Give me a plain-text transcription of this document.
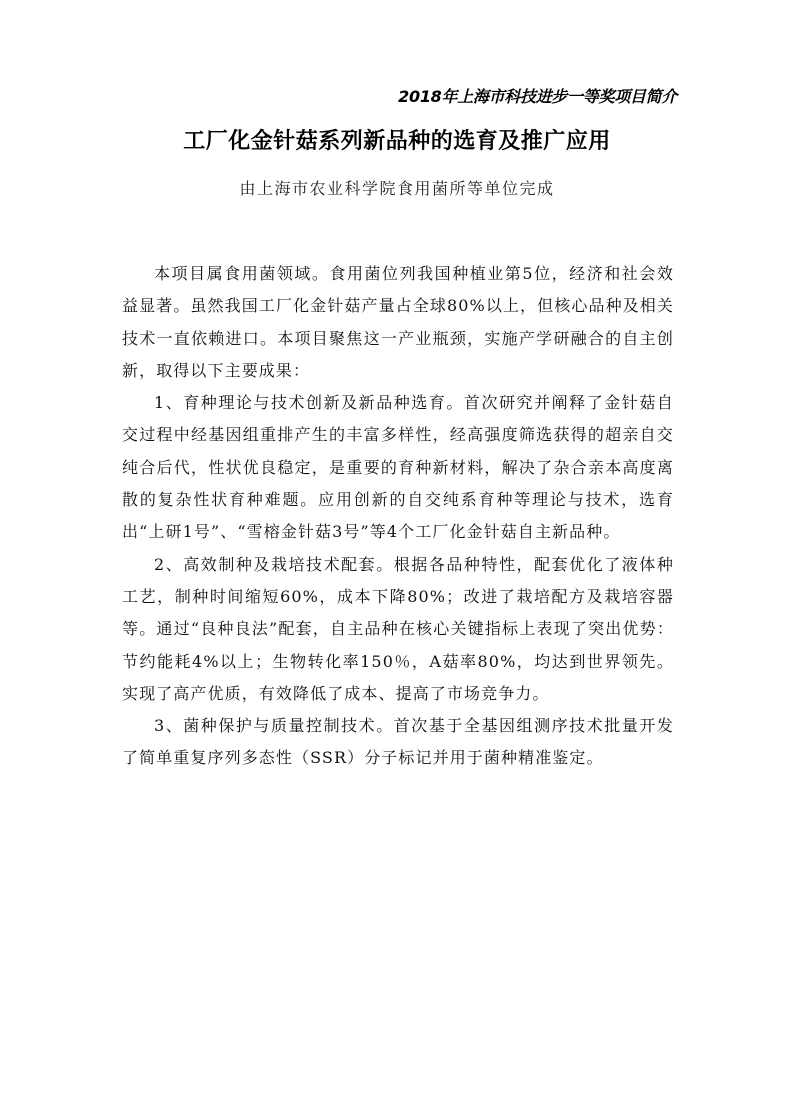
2018年上海市科技进步一等奖项目简介
工厂化金针菇系列新品种的选育及推广应用
由上海市农业科学院食用菌所等单位完成

本项目属食用菌领域。食用菌位列我国种植业第5位，经济和社会效益显著。虽然我国工厂化金针菇产量占全球80%以上，但核心品种及相关技术一直依赖进口。本项目聚焦这一产业瓶颈，实施产学研融合的自主创新，取得以下主要成果：

1、育种理论与技术创新及新品种选育。首次研究并阐释了金针菇自交过程中经基因组重排产生的丰富多样性，经高强度筛选获得的超亲自交纯合后代，性状优良稳定，是重要的育种新材料，解决了杂合亲本高度离散的复杂性状育种难题。应用创新的自交纯系育种等理论与技术，选育出“上研1号”、“雪榕金针菇3号”等4个工厂化金针菇自主新品种。

2、高效制种及栽培技术配套。根据各品种特性，配套优化了液体种工艺，制种时间缩短60%，成本下降80%；改进了栽培配方及栽培容器等。通过“良种良法”配套，自主品种在核心关键指标上表现了突出优势：节约能耗4%以上；生物转化率150％，A菇率80%，均达到世界领先。实现了高产优质，有效降低了成本、提高了市场竞争力。

3、菌种保护与质量控制技术。首次基于全基因组测序技术批量开发了简单重复序列多态性（SSR）分子标记并用于菌种精准鉴定。
